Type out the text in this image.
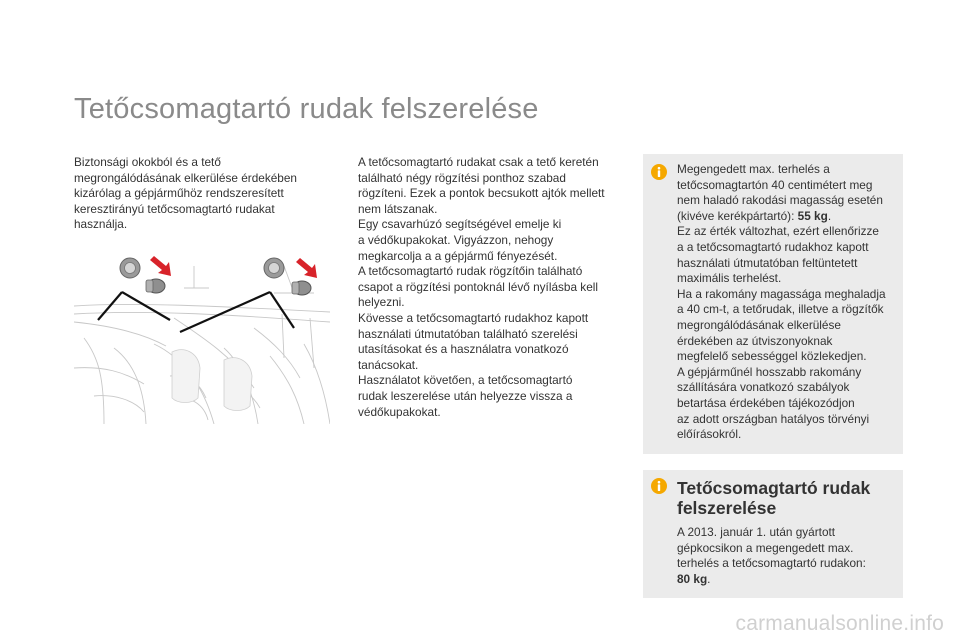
Tetőcsomagtartó rudak felszerelése

Biztonsági okokból és a tető

megrongálódásának elkerülése érdekében

kizárólag a gépjárműhöz rendszeresített

keresztirányú tetőcsomagtartó rudakat

használja.

A tetőcsomagtartó rudakat csak a tető keretén

található négy rögzítési ponthoz szabad

rögzíteni. Ezek a pontok becsukott ajtók mellett

nem látszanak.

Egy csavarhúzó segítségével emelje ki

a védőkupakokat. Vigyázzon, nehogy

megkarcolja a a gépjármű fényezését.

A tetőcsomagtartó rudak rögzítőin található

csapot a rögzítési pontoknál lévő nyílásba kell

helyezni.

Kövesse a tetőcsomagtartó rudakhoz kapott

használati útmutatóban található szerelési

utasításokat és a használatra vonatkozó

tanácsokat.

Használatot követően, a tetőcsomagtartó

rudak leszerelése után helyezze vissza a

védőkupakokat.

Megengedett max. terhelés a

tetőcsomagtartón 40 centimétert meg

nem haladó rakodási magasság esetén

(kivéve kerékpártartó): 55 kg.

Ez az érték változhat, ezért ellenőrizze

a a tetőcsomagtartó rudakhoz kapott

használati útmutatóban feltüntetett

maximális terhelést.

Ha a rakomány magassága meghaladja

a 40 cm-t, a tetőrudak, illetve a rögzítők

megrongálódásának elkerülése

érdekében az útviszonyoknak

megfelelő sebességgel közlekedjen.

A gépjárműnél hosszabb rakomány

szállítására vonatkozó szabályok

betartása érdekében tájékozódjon

az adott országban hatályos törvényi

előírásokról.

Tetőcsomagtartó rudak
felszerelése

A 2013. január 1. után gyártott

gépkocsikon a megengedett max.

terhelés a tetőcsomagtartó rudakon:

80 kg.

carmanualsonline.info
